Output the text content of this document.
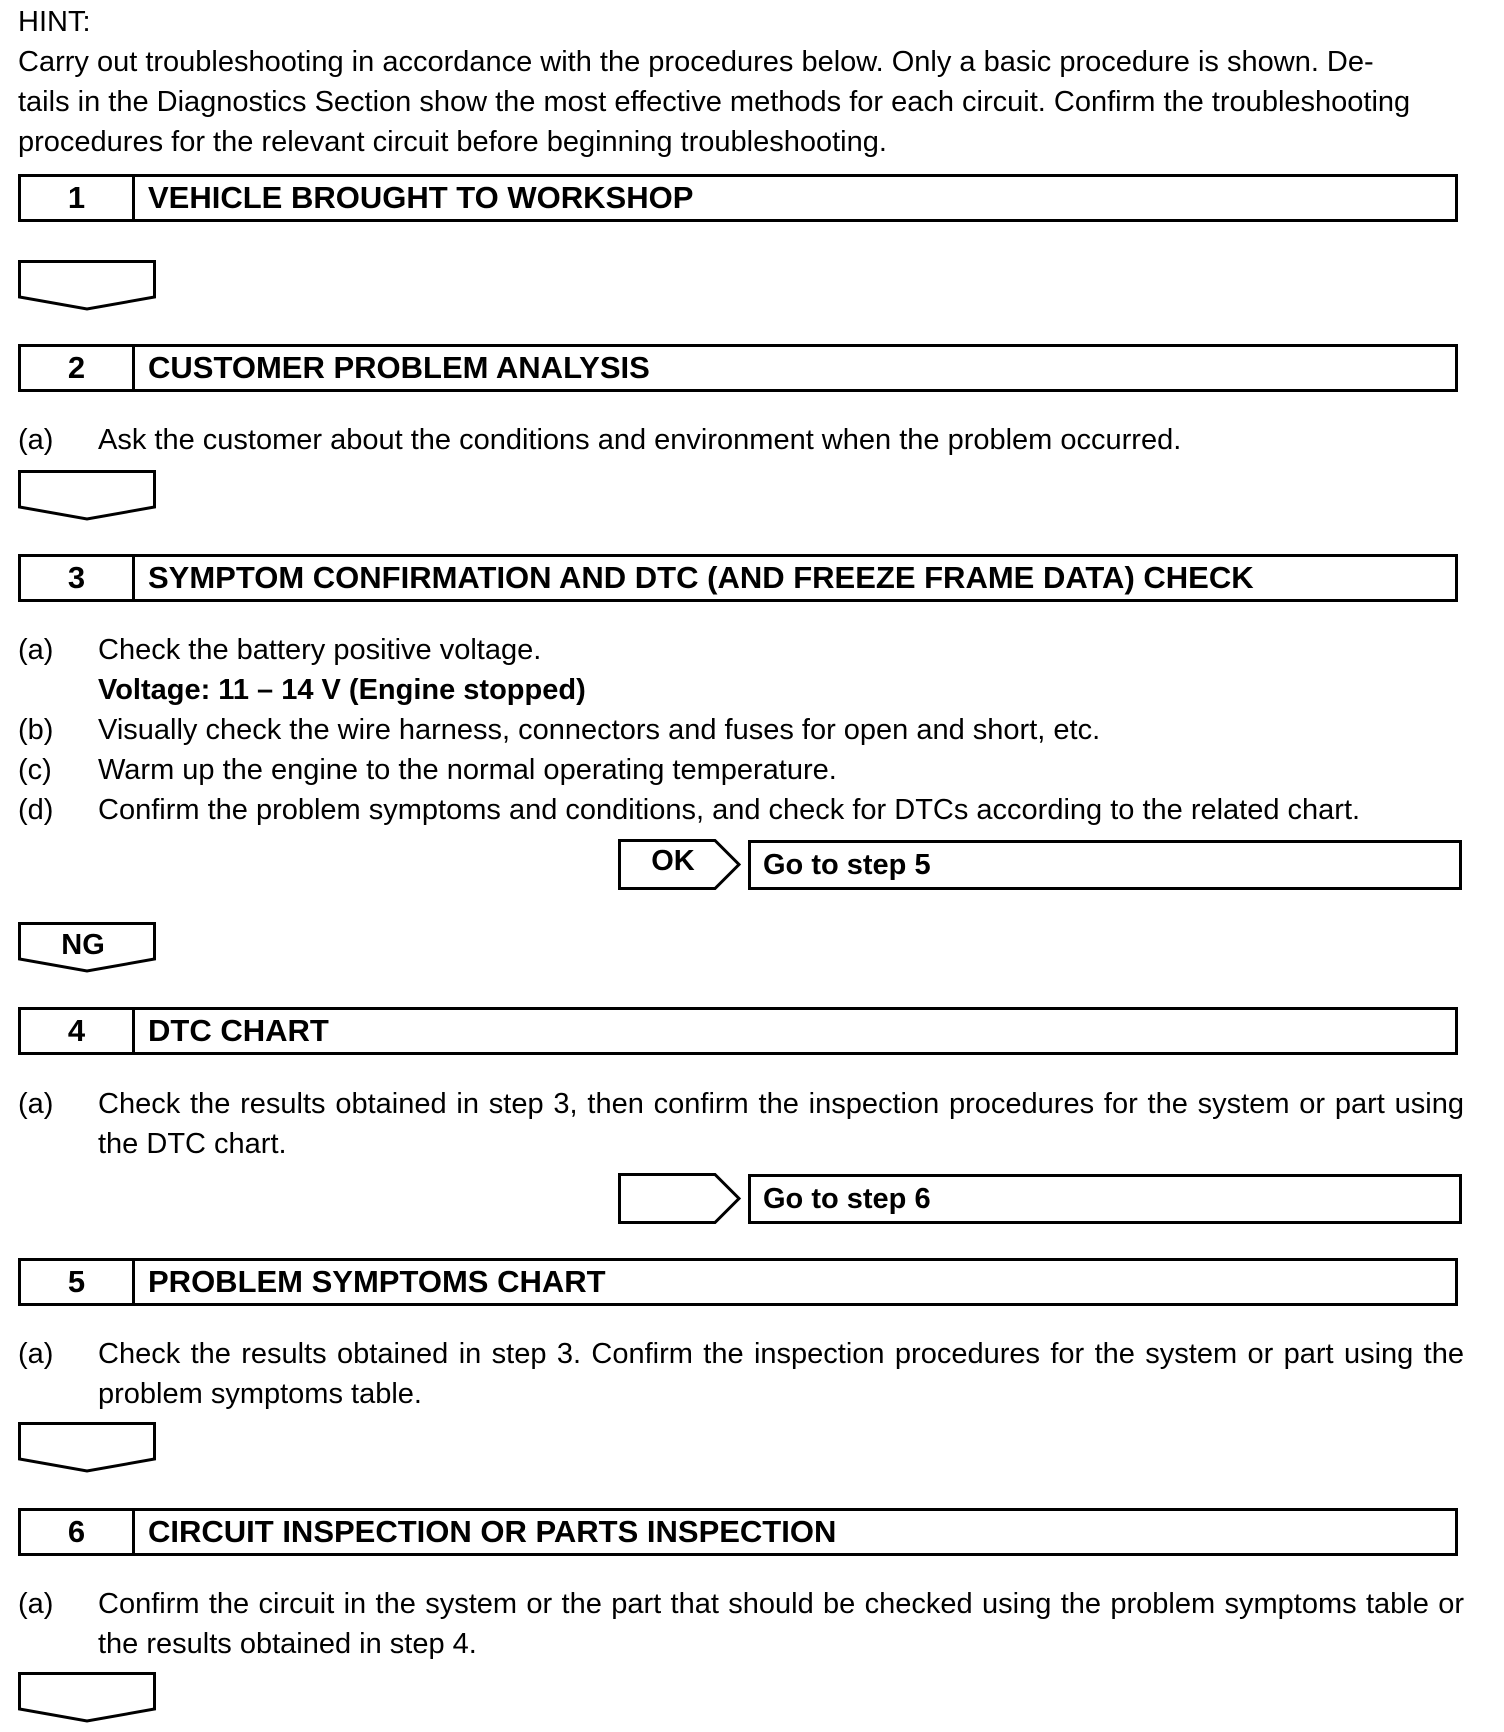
HINT:
Carry out troubleshooting in accordance with the procedures below. Only a basic procedure is shown. De-
tails in the Diagnostics Section show the most effective methods for each circuit. Confirm the troubleshooting
procedures for the relevant circuit before beginning troubleshooting.
1	VEHICLE BROUGHT TO WORKSHOP
2	CUSTOMER PROBLEM ANALYSIS
(a) Ask the customer about the conditions and environment when the problem occurred.
3	SYMPTOM CONFIRMATION AND DTC (AND FREEZE FRAME DATA) CHECK
(a) Check the battery positive voltage.
Voltage: 11 – 14 V (Engine stopped)
(b) Visually check the wire harness, connectors and fuses for open and short, etc.
(c) Warm up the engine to the normal operating temperature.
(d) Confirm the problem symptoms and conditions, and check for DTCs according to the related chart.
OK	Go to step 5
NG
4	DTC CHART
(a) Check the results obtained in step 3, then confirm the inspection procedures for the system or part using the DTC chart.
Go to step 6
5	PROBLEM SYMPTOMS CHART
(a) Check the results obtained in step 3. Confirm the inspection procedures for the system or part using the problem symptoms table.
6	CIRCUIT INSPECTION OR PARTS INSPECTION
(a) Confirm the circuit in the system or the part that should be checked using the problem symptoms table or the results obtained in step 4.
